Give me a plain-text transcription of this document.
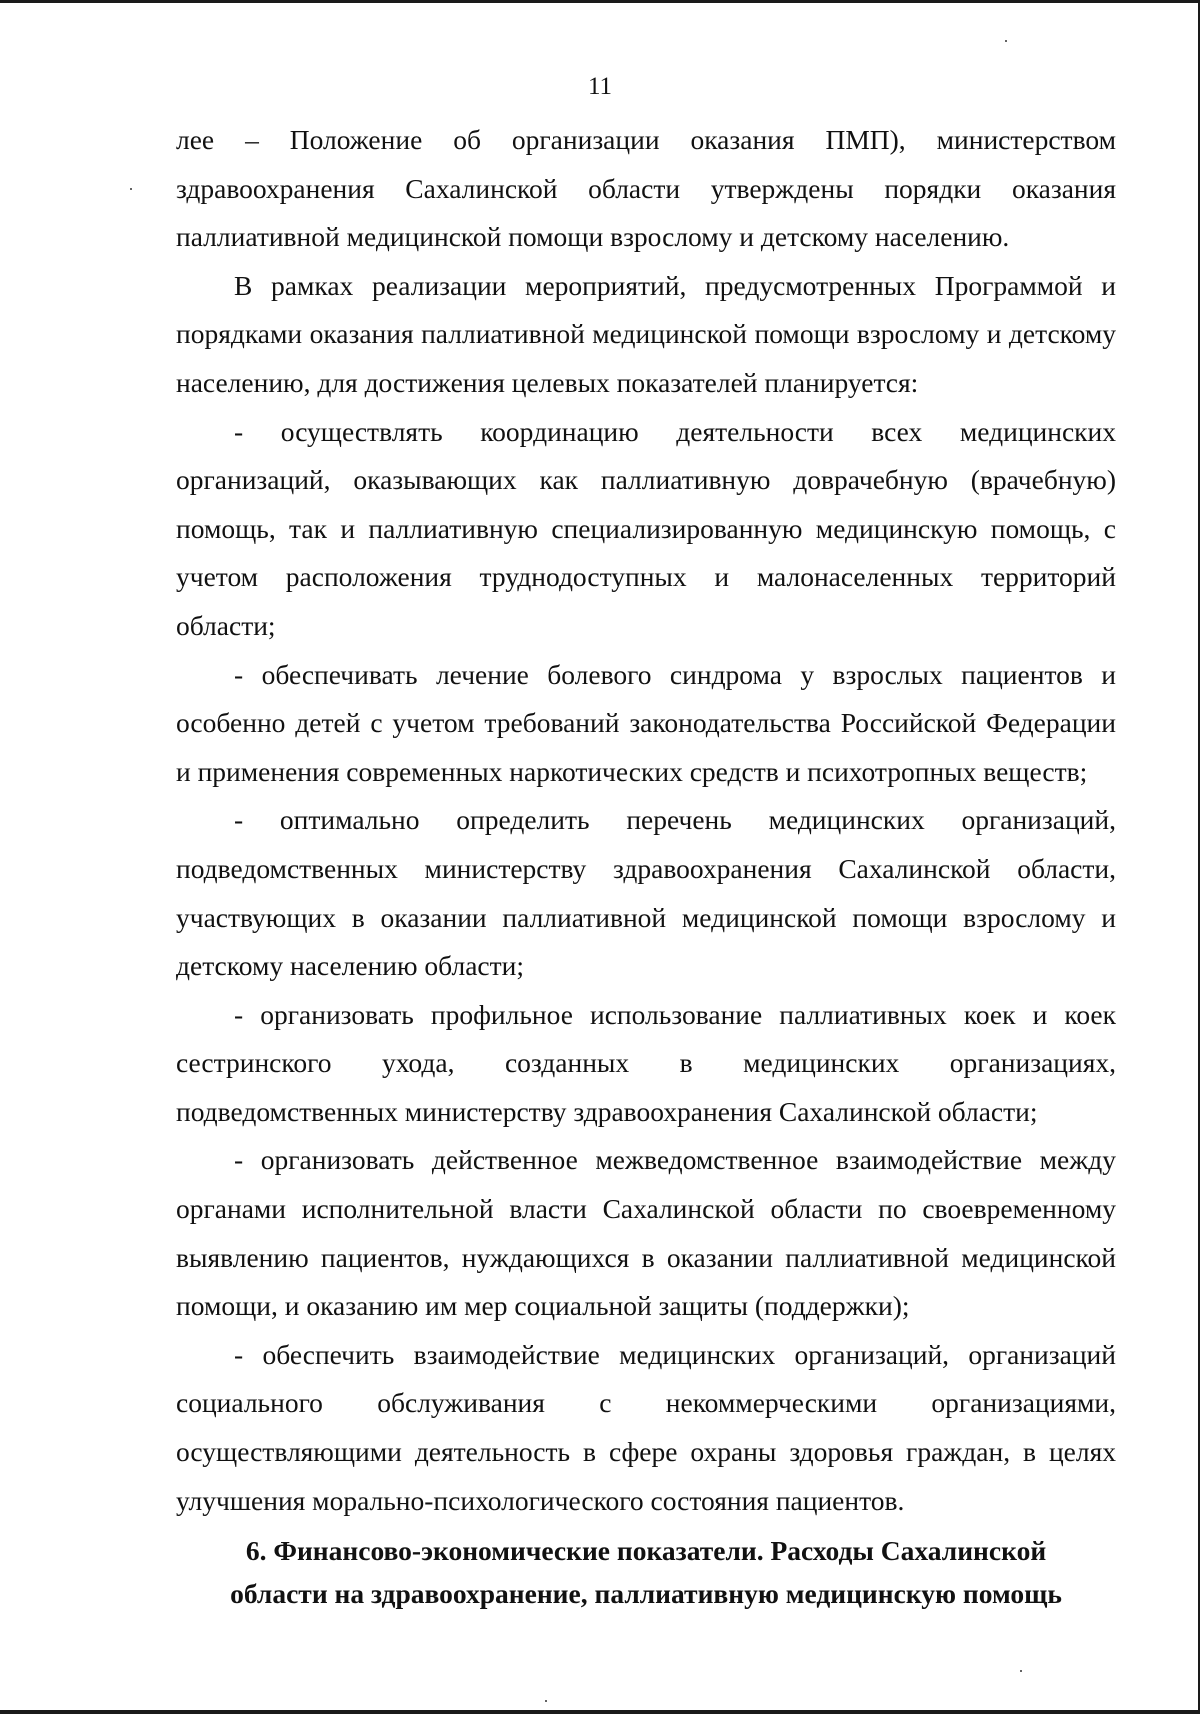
11

лее – Положение об организации оказания ПМП), министерством здравоохранения Сахалинской области утверждены порядки оказания паллиативной медицинской помощи взрослому и детскому населению.

В рамках реализации мероприятий, предусмотренных Программой и порядками оказания паллиативной медицинской помощи взрослому и детскому населению, для достижения целевых показателей планируется:

- осуществлять координацию деятельности всех медицинских организаций, оказывающих как паллиативную доврачебную (врачебную) помощь, так и паллиативную специализированную медицинскую помощь, с учетом расположения труднодоступных и малонаселенных территорий области;

- обеспечивать лечение болевого синдрома у взрослых пациентов и особенно детей с учетом требований законодательства Российской Федерации и применения современных наркотических средств и психотропных веществ;

- оптимально определить перечень медицинских организаций, подведомственных министерству здравоохранения Сахалинской области, участвующих в оказании паллиативной медицинской помощи взрослому и детскому населению области;

- организовать профильное использование паллиативных коек и коек сестринского ухода, созданных в медицинских организациях, подведомственных министерству здравоохранения Сахалинской области;

- организовать действенное межведомственное взаимодействие между органами исполнительной власти Сахалинской области по своевременному выявлению пациентов, нуждающихся в оказании паллиативной медицинской помощи, и оказанию им мер социальной защиты (поддержки);

- обеспечить взаимодействие медицинских организаций, организаций социального обслуживания с некоммерческими организациями, осуществляющими деятельность в сфере охраны здоровья граждан, в целях улучшения морально-психологического состояния пациентов.

6. Финансово-экономические показатели. Расходы Сахалинской
области на здравоохранение, паллиативную медицинскую помощь
